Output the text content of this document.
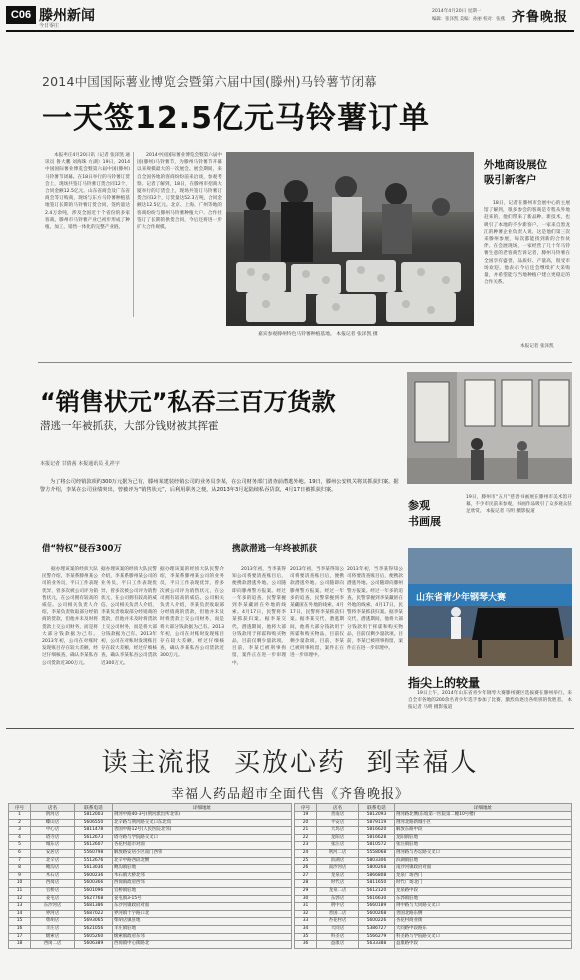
C06 滕州新闻
今日零庄
2014年4月20日 星期一
编辑：张泽凯 美编：孙丽 校对：张燕 齐鲁晚报
2014中国国际薯业博览会暨第六届中国(滕州)马铃薯节闭幕
一天签12.5亿元马铃薯订单
本报枣庄4月20日讯（记者 张泽凯 通讯员 鲁大鹏 刘海珠 方湖）19日，2014中国国际薯业博览会暨第六届中国(滕州)马铃薯节闭幕。在18日举行的马铃薯订货会上，现场共签订马铃薯订货合同12个，合同金额12.5亿元。山东省商会及广东省商会等订购商，现场与东方马铃薯种植基地签订长期的马铃薯订货合同，签约量达2.4万余吨，涉及全国近十个省份的多家客商。滕州市马铃薯产业已初步形成了种植、加工、销售一体化的完整产业链。
2014中国国际薯业博览会暨第六届中国(滕州)马铃薯节，为滕州马铃薯节开幕以来规模最大的一次展会。展会期间，来自全国各地的客商纷纷前来洽谈，参观考察。记者了解到，18日，在滕州市招商大厦举行的订货会上，现场共签订马铃薯订货合同12个，订货量达52.3万吨，合同金额达12.5亿元。北京、上海、广州等地的客商纷纷与滕州马铃薯种植大户、合作社签订了长期的供货合同，今后还将进一步扩大合作规模。
嘉宾参观滕州特色马铃薯种植基地。 本报记者 张泽凯 摄
外地商设展位
吸引新客户
18日，记者在滕州市会展中心的主展馆了解到，很多参会的客商是专程从外地赶来的，他们带来了新品种、新技术，也吸引了本地的不少新客户。一家来自黑龙江的种薯企业负责人说，这是他们第三次来滕州参展，每次都能找到新的合作伙伴。在会展现场，一家经营了几十年马铃薯生意的老客商告诉记者，滕州马铃薯在全国享有盛誉，品质好、产量高，很受市场欢迎。他表示今后还会继续扩大采购量，并希望能与当地种植户建立更稳定的合作关系。
本报记者 张泽凯
“销售状元”私吞三百万货款
潜逃一年被抓获，大部分钱财被其挥霍
本报记者 甘倩茜 本报通讯员 孔祥宇
为了将公司经销款项约300万元据为己有，滕州某建装经销公司的业务员李某，在公司财务部门清查前潜逃外地。19日，滕州公安机关将其抓获归案。据警方介绍，李某在公司业绩突出，曾被评为“销售状元”，后利用职务之便，从2013年3月起陆续私吞货款，4月17日被抓获归案。
借“特权”侵吞300万	携款潜逃一年终被抓获
据办理该案的经侦大队民警介绍，李某系滕州某公司的业务员，平日工作表现优异，曾多次被公司评为销售状元，在公司拥有较高的威信。公司相关负责人介绍，李某负责收取部分经销商的货款，但他并未及时将货款上交公司财务，而是将大部分钱款据为己有。2013年初，公司在对账时发现账目存在较大差额，经过仔细核查，确认李某私吞公司货款近300万元。
据办理该案的经侦大队民警介绍，李某系滕州某公司的业务员，平日工作表现优异，曾多次被公司评为销售状元，在公司拥有较高的威信。公司相关负责人介绍，李某负责收取部分经销商的货款，但他并未及时将货款上交公司财务，而是将大部分钱款据为己有。2013年初，公司在对账时发现账目存在较大差额，经过仔细核查，确认李某私吞公司货款近300万元。
据办理该案的经侦大队民警介绍，李某系滕州某公司的业务员，平日工作表现优异，曾多次被公司评为销售状元，在公司拥有较高的威信。公司相关负责人介绍，李某负责收取部分经销商的货款，但他并未及时将货款上交公司财务，而是将大部分钱款据为己有。2013年初，公司在对账时发现账目存在较大差额，经过仔细核查，确认李某私吞公司货款近300万元。
2013年初，当李某得知公司将要清查账目后，便携款潜逃外地。公司随即向滕州警方报案。经过一年多的追查，民警掌握到李某藏匿在外地的线索。4月17日，民警将李某抓获归案。据李某交代，潜逃期间，他将大部分钱款用于挥霍和购买物品，目前仅剩少量款项。目前，李某已被刑事拘留，案件正在进一步审理中。
2013年初，当李某得知公司将要清查账目后，便携款潜逃外地。公司随即向滕州警方报案。经过一年多的追查，民警掌握到李某藏匿在外地的线索。4月17日，民警将李某抓获归案。据李某交代，潜逃期间，他将大部分钱款用于挥霍和购买物品，目前仅剩少量款项。目前，李某已被刑事拘留，案件正在进一步审理中。
2013年初，当李某得知公司将要清查账目后，便携款潜逃外地。公司随即向滕州警方报案。经过一年多的追查，民警掌握到李某藏匿在外地的线索。4月17日，民警将李某抓获归案。据李某交代，潜逃期间，他将大部分钱款用于挥霍和购买物品，目前仅剩少量款项。目前，李某已被刑事拘留，案件正在进一步审理中。
参观
书画展
19日，滕州市“五月”慈善书画展在滕州市美术馆开幕，不少市民前来参观，书画作品吸引了众多观众驻足欣赏。 本报记者 马明 摄影报道
山东省青少年钢琴大赛
指尖上的较量
19日上午，2014年山东省青少年钢琴大赛滕州赛区选拔赛在滕州举行。来自全市各地的200余名青少年选手参加了比赛，激烈角逐出各组别的优胜者。 本报记者 马明 摄影报道
读主流报  买放心药  到幸福人
幸福人药品超市全面代售《齐鲁晚报》
序号	店名	联系电话	详细地址
1	荆河店	5812003	荆河中路40-3号(荆河派出所北邻)
2	蝶山店	5606550	北辛路与荆河路交叉口东北角
3	中心店	5811478	善国中路12号(人民医院北邻)
4	塔寺店	5612673	塔寺路与学院路交叉口
5	城东店	5612607	杏花村超市对面
6	安居店	5560798	解放路安居小区南门西邻
7	北辛店	5512676	北辛中路西段北侧
8	鲍沟店	5613036	鲍沟镇驻地
9	木石店	5600236	木石镇大桥北邻
10	西岗店	5600366	西岗镇政府西邻
11	官桥店	5601096	官桥镇驻地
12	姜屯店	5627768	姜屯镇3-15号
13	东沙河店	5681386	东沙河镇政府对面
14	界河店	5687022	界河镇十字路口北
15	柴胡店	5693065	柴胡店镇驻地
16	羊庄店	5621056	羊庄镇驻地
17	级索店	5605260	级索镇政府东邻
18	西岗二店	5606389	西岗镇中心街路北
序号	店名	联系电话	详细地址
19	善南店	5812093	荆河路北侧(东坡第一医院第二幢10号楼)
20	平安店	5879119	荆河北路新城小区
21	大坞店	5816620	解放东路中段
22	龙阳店	5816628	龙阳镇驻地
23	张汪店	5810572	张汪镇驻地
24	荆河二店	5558068	荆河路与杏坛路交叉口
25	滨湖店	5803306	滨湖镇驻地
26	南沙河店	5800268	南沙河镇政府对面
27	龙泉店	5866808	龙泉广场西门
28	时代店	5811650	时代广场北门
29	龙泉二店	5612120	龙泉路中段
30	东郭店	5616630	东郭镇驻地
31	荆中店	5660189	荆中路与大同路交叉口
32	善国二店	5600268	善国北路东侧
33	杏花村店	5600226	杏花村商业街
34	大同店	5386727	大同路中段路东
35	科圣店	5566279	科圣路与学院路交叉口
36	益康店	5633388	益康路中段
